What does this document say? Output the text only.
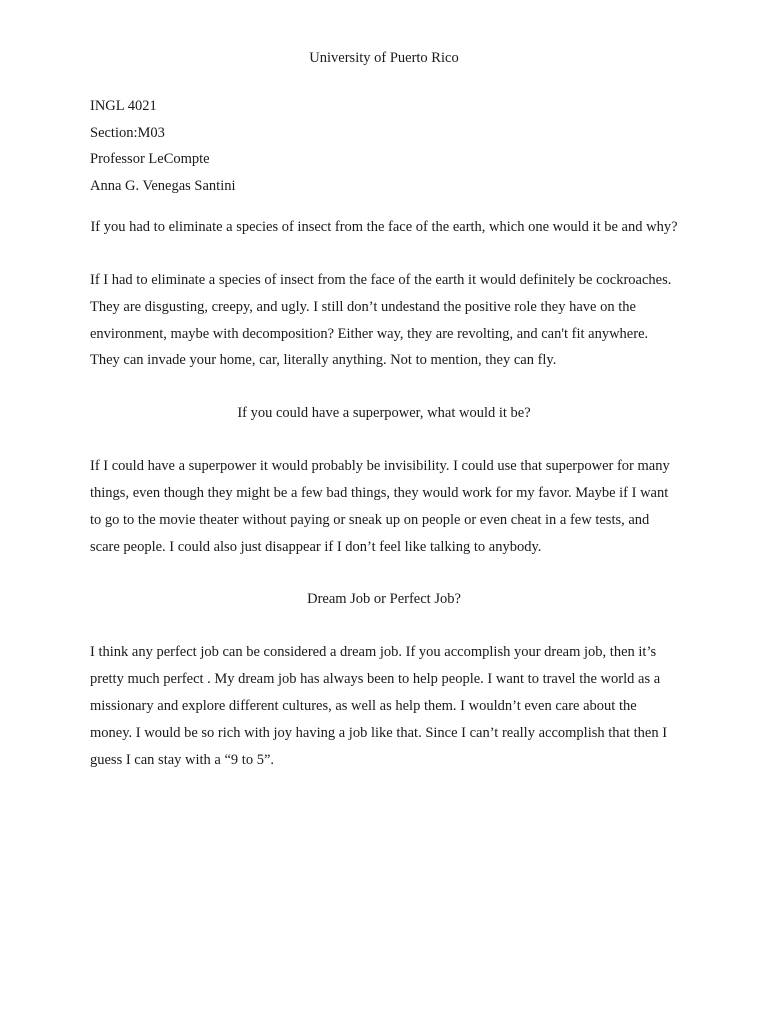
University of Puerto Rico

INGL 4021

Section:M03

Professor LeCompte

Anna G. Venegas Santini

If you had to eliminate a species of insect from the face of the earth, which one would it be and why?

If I had to eliminate a species of insect from the face of the earth it would definitely be cockroaches. They are disgusting, creepy, and ugly. I still don’t undestand the positive role they have on the environment, maybe with decomposition? Either way, they are revolting, and can't fit anywhere. They can invade your home, car, literally anything. Not to mention, they can fly.

If you could have a superpower, what would it be?

If I could have a superpower it would probably be invisibility. I could use that superpower for many things, even though they might be a few bad things, they would work for my favor. Maybe if I want to go to the movie theater without paying or sneak up on people or even cheat in a few tests, and scare people. I could also just disappear if I don’t feel like talking to anybody.

Dream Job or Perfect Job?

I think any perfect job can be considered a dream job. If you accomplish your dream job, then it’s pretty much perfect . My dream job has always been to help people. I want to travel the world as a missionary and explore different cultures, as well as help them. I wouldn’t even care about the money. I would be so rich with joy having a job like that. Since I can’t really accomplish that then I guess I can stay with a “9 to 5”.
